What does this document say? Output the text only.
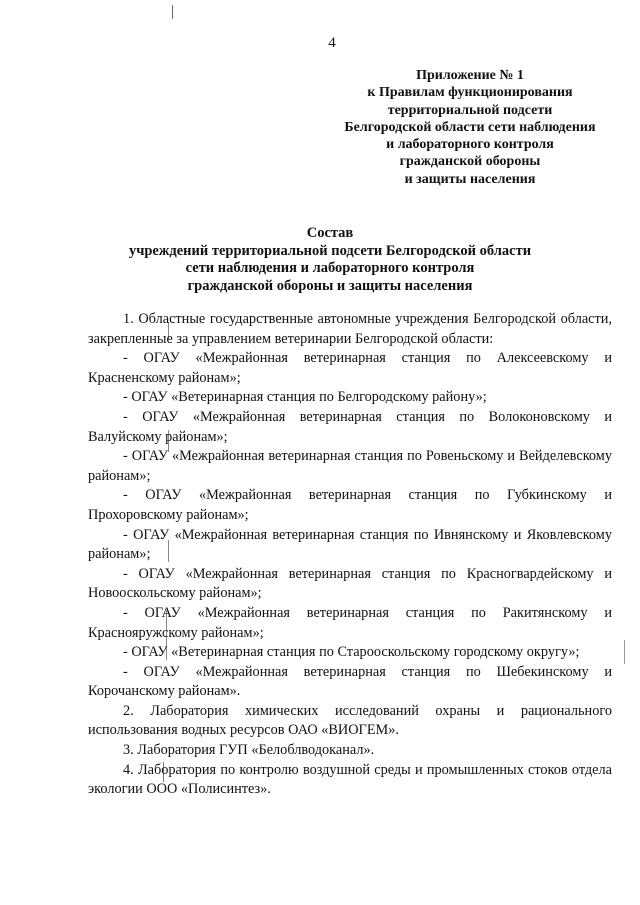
4
Приложение № 1
к Правилам функционирования
территориальной подсети
Белгородской области сети наблюдения
и лабораторного контроля
гражданской обороны
и защиты населения
Состав
учреждений территориальной подсети Белгородской области
сети наблюдения и лабораторного контроля
гражданской обороны и защиты населения

1. Областные государственные автономные учреждения Белгородской области, закрепленные за управлением ветеринарии Белгородской области:

- ОГАУ «Межрайонная ветеринарная станция по Алексеевскому и Красненскому районам»;

- ОГАУ «Ветеринарная станция по Белгородскому району»;

- ОГАУ «Межрайонная ветеринарная станция по Волоконовскому и Валуйскому районам»;

- ОГАУ «Межрайонная ветеринарная станция по Ровеньскому и Вейделевскому районам»;

- ОГАУ «Межрайонная ветеринарная станция по Губкинскому и Прохоровскому районам»;

- ОГАУ «Межрайонная ветеринарная станция по Ивнянскому и Яковлевскому районам»;

- ОГАУ «Межрайонная ветеринарная станция по Красногвардейскому и Новооскольскому районам»;

- ОГАУ «Межрайонная ветеринарная станция по Ракитянскому и Краснояружскому районам»;

- ОГАУ «Ветеринарная станция по Старооскольскому городскому округу»;

- ОГАУ «Межрайонная ветеринарная станция по Шебекинскому и Корочанскому районам».

2. Лаборатория химических исследований охраны и рационального использования водных ресурсов ОАО «ВИОГЕМ».

3. Лаборатория ГУП «Белоблводоканал».

4. Лаборатория по контролю воздушной среды и промышленных стоков отдела экологии ООО «Полисинтез».
